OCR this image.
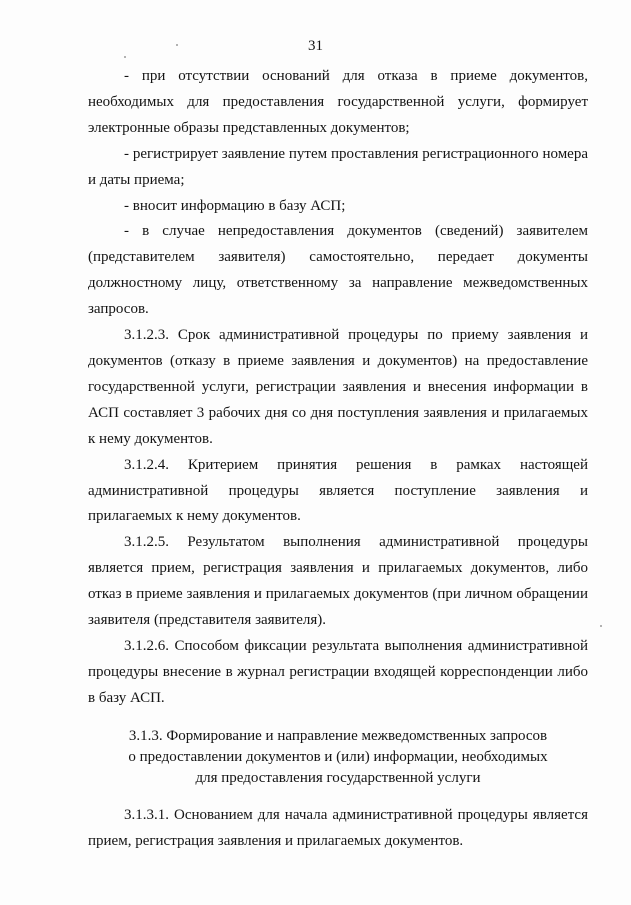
31

- при отсутствии оснований для отказа в приеме документов, необходимых для предоставления государственной услуги, формирует электронные образы представленных документов;

- регистрирует заявление путем проставления регистрационного номера и даты приема;

- вносит информацию в базу АСП;

- в случае непредоставления документов (сведений) заявителем (представителем заявителя) самостоятельно, передает документы должностному лицу, ответственному за направление межведомственных запросов.

3.1.2.3. Срок административной процедуры по приему заявления и документов (отказу в приеме заявления и документов) на предоставление государственной услуги, регистрации заявления и внесения информации в АСП составляет 3 рабочих дня со дня поступления заявления и прилагаемых к нему документов.

3.1.2.4. Критерием принятия решения в рамках настоящей административной процедуры является поступление заявления и прилагаемых к нему документов.

3.1.2.5. Результатом выполнения административной процедуры является прием, регистрация заявления и прилагаемых документов, либо отказ в приеме заявления и прилагаемых документов (при личном обращении заявителя (представителя заявителя).

3.1.2.6. Способом фиксации результата выполнения административной процедуры внесение в журнал регистрации входящей корреспонденции либо в базу АСП.

3.1.3. Формирование и направление межведомственных запросов
о предоставлении документов и (или) информации, необходимых
для предоставления государственной услуги

3.1.3.1. Основанием для начала административной процедуры является прием, регистрация заявления и прилагаемых документов.
